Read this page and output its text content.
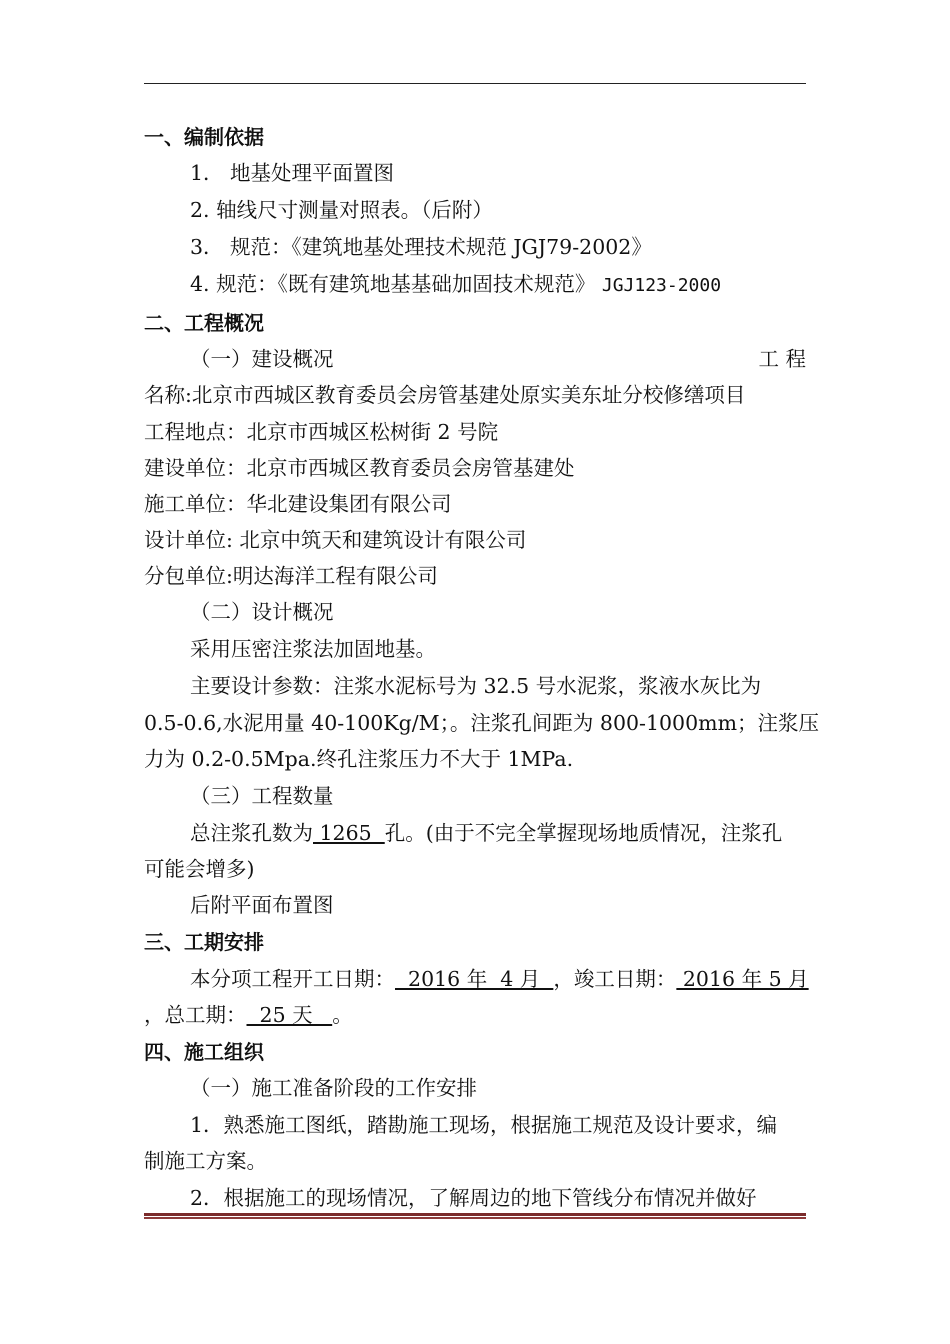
一、编制依据
1． 地基处理平面置图
2. 轴线尺寸测量对照表。（后附）
3． 规范：《建筑地基处理技术规范 JGJ79-2002》
4. 规范：《既有建筑地基基础加固技术规范》 JGJ123-2000
二、工程概况
（一）建设概况	工 程
名称:北京市西城区教育委员会房管基建处原实美东址分校修缮项目
工程地点：北京市西城区松树街 2 号院
建设单位：北京市西城区教育委员会房管基建处
施工单位：华北建设集团有限公司
设计单位: 北京中筑天和建筑设计有限公司
分包单位:明达海洋工程有限公司
（二）设计概况
采用压密注浆法加固地基。
主要设计参数：注浆水泥标号为 32.5 号水泥浆，浆液水灰比为
0.5-0.6,水泥用量 40-100Kg/M；。注浆孔间距为 800-1000mm；注浆压
力为 0.2-0.5Mpa.终孔注浆压力不大于 1MPa.
（三）工程数量
总注浆孔数为 1265  孔。(由于不完全掌握现场地质情况，注浆孔
可能会增多)
后附平面布置图
三、工期安排
本分项工程开工日期：  2016 年  4 月  ，竣工日期： 2016 年 5 月
，总工期：  25 天   。
四、施工组织
（一）施工准备阶段的工作安排
1．熟悉施工图纸，踏勘施工现场，根据施工规范及设计要求，编
制施工方案。
2．根据施工的现场情况，了解周边的地下管线分布情况并做好
